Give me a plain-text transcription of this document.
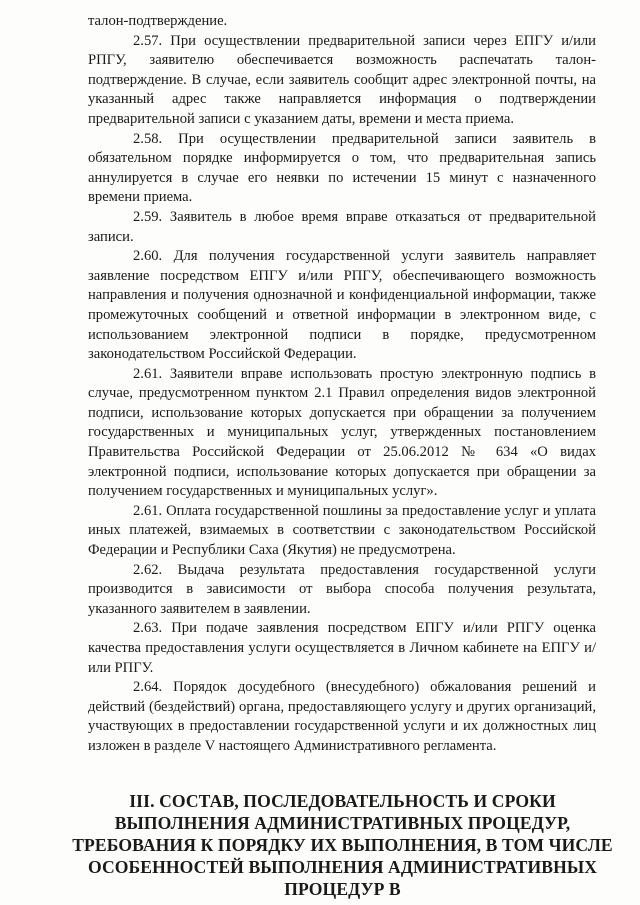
талон-подтверждение.

2.57. При осуществлении предварительной записи через ЕПГУ и/или РПГУ, заявителю обеспечивается возможность распечатать талон-подтверждение. В случае, если заявитель сообщит адрес электронной почты, на указанный адрес также направляется информация о подтверждении предварительной записи с указанием даты, времени и места приема.

2.58. При осуществлении предварительной записи заявитель в обязательном порядке информируется о том, что предварительная запись аннулируется в случае его неявки по истечении 15 минут с назначенного времени приема.

2.59. Заявитель в любое время вправе отказаться от предварительной записи.

2.60. Для получения государственной услуги заявитель направляет заявление посредством ЕПГУ и/или РПГУ, обеспечивающего возможность направления и получения однозначной и конфиденциальной информации, также промежуточных сообщений и ответной информации в электронном виде, с использованием электронной подписи в порядке, предусмотренном законодательством Российской Федерации.

2.61. Заявители вправе использовать простую электронную подпись в случае, предусмотренном пунктом 2.1 Правил определения видов электронной подписи, использование которых допускается при обращении за получением государственных и муниципальных услуг, утвержденных постановлением Правительства Российской Федерации от 25.06.2012 № 634 «О видах электронной подписи, использование которых допускается при обращении за получением государственных и муниципальных услуг».

2.61. Оплата государственной пошлины за предоставление услуг и уплата иных платежей, взимаемых в соответствии с законодательством Российской Федерации и Республики Саха (Якутия) не предусмотрена.

2.62. Выдача результата предоставления государственной услуги производится в зависимости от выбора способа получения результата, указанного заявителем в заявлении.

2.63. При подаче заявления посредством ЕПГУ и/или РПГУ оценка качества предоставления услуги осуществляется в Личном кабинете на ЕПГУ и/или РПГУ.

2.64. Порядок досудебного (внесудебного) обжалования решений и действий (бездействий) органа, предоставляющего услугу и других организаций, участвующих в предоставлении государственной услуги и их должностных лиц изложен в разделе V настоящего Административного регламента.

III. СОСТАВ, ПОСЛЕДОВАТЕЛЬНОСТЬ И СРОКИ ВЫПОЛНЕНИЯ АДМИНИСТРАТИВНЫХ ПРОЦЕДУР, ТРЕБОВАНИЯ К ПОРЯДКУ ИХ ВЫПОЛНЕНИЯ, В ТОМ ЧИСЛЕ ОСОБЕННОСТЕЙ ВЫПОЛНЕНИЯ АДМИНИСТРАТИВНЫХ ПРОЦЕДУР В
